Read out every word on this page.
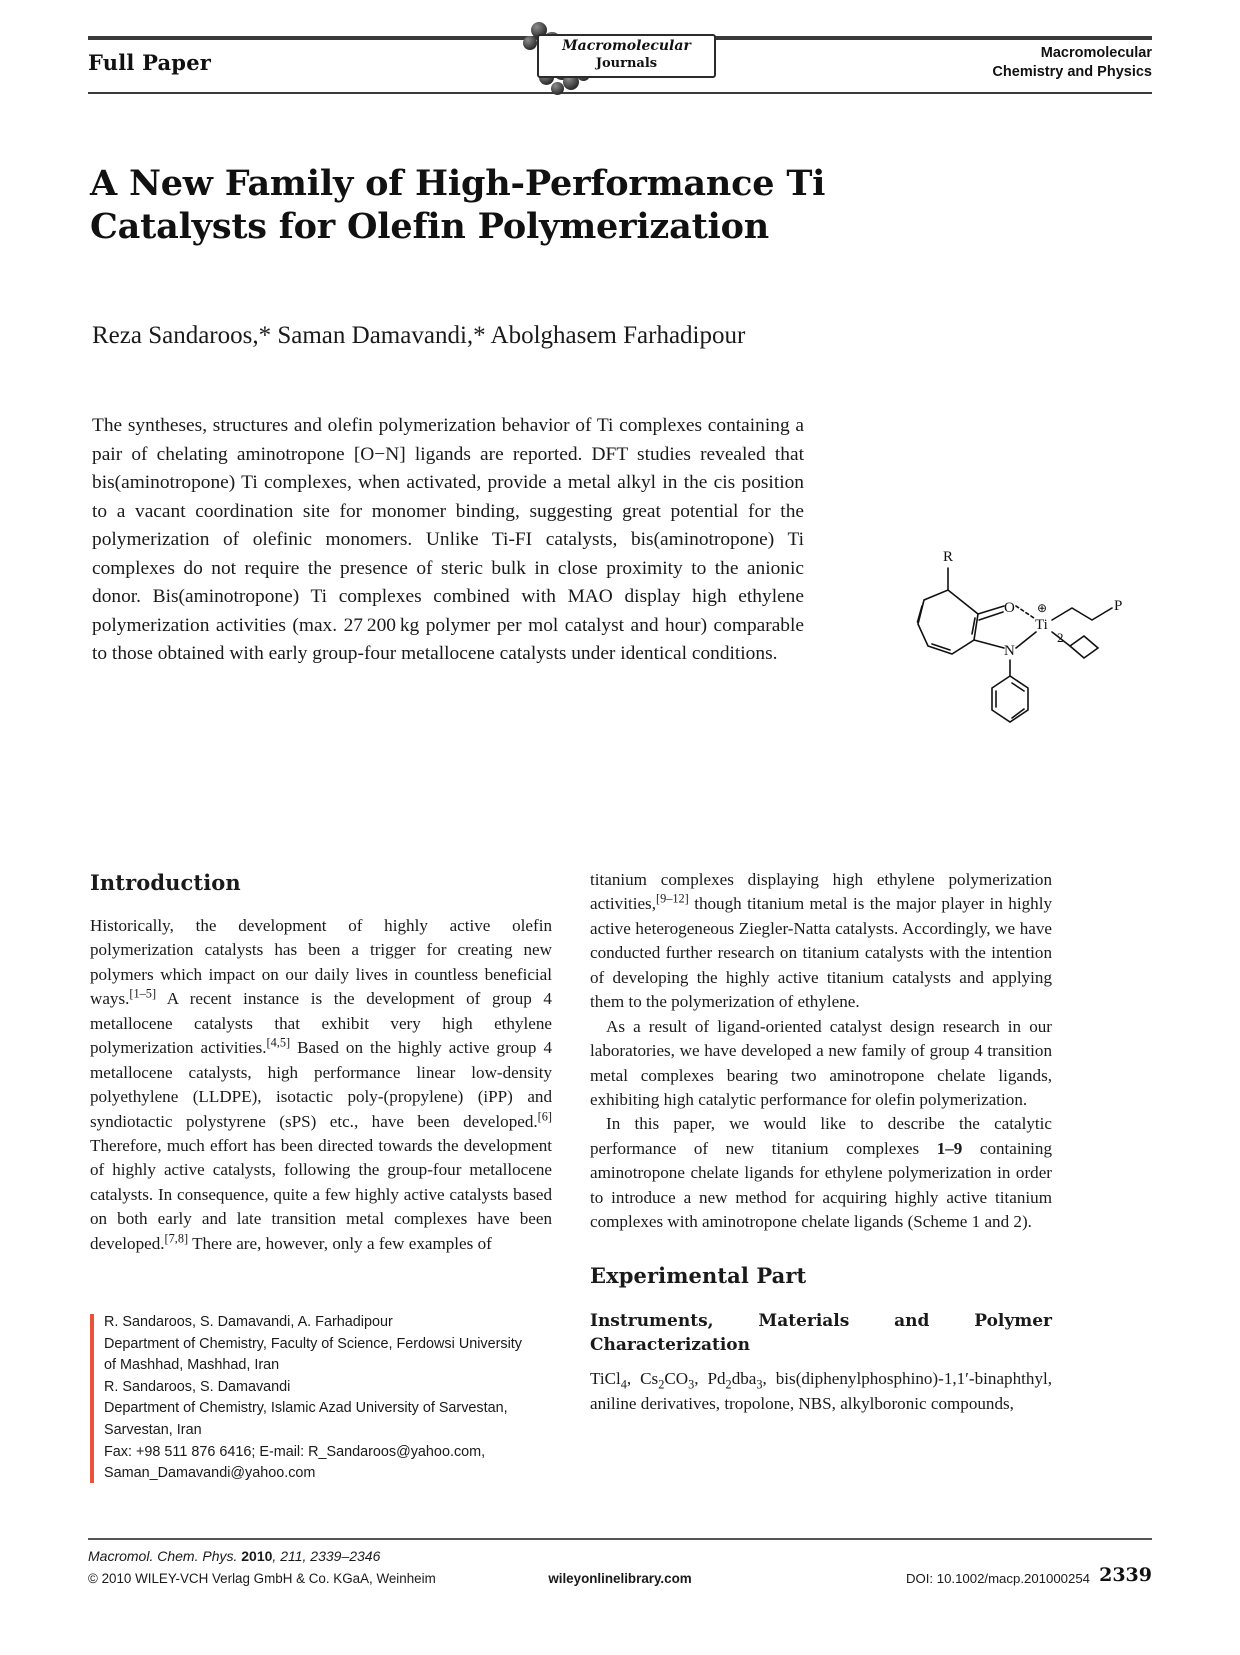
Full Paper	Macromolecular
Chemistry and Physics
Macromolecular
Journals
A New Family of High-Performance Ti Catalysts for Olefin Polymerization
Reza Sandaroos,* Saman Damavandi,* Abolghasem Farhadipour

The syntheses, structures and olefin polymerization behavior of Ti complexes containing a pair of chelating aminotropone [O−N] ligands are reported. DFT studies revealed that bis(aminotropone) Ti complexes, when activated, provide a metal alkyl in the cis position to a vacant coordination site for monomer binding, suggesting great potential for the polymerization of olefinic monomers. Unlike Ti-FI catalysts, bis(aminotropone) Ti complexes do not require the presence of steric bulk in close proximity to the anionic donor. Bis(aminotropone) Ti complexes combined with MAO display high ethylene polymerization activities (max. 27 200 kg polymer per mol catalyst and hour) comparable to those obtained with early group-four metallocene catalysts under identical conditions.

R
O
Ti
N
P
2
⊕
Introduction

Historically, the development of highly active olefin polymerization catalysts has been a trigger for creating new polymers which impact on our daily lives in countless beneficial ways.[1–5] A recent instance is the development of group 4 metallocene catalysts that exhibit very high ethylene polymerization activities.[4,5] Based on the highly active group 4 metallocene catalysts, high performance linear low-density polyethylene (LLDPE), isotactic poly-(propylene) (iPP) and syndiotactic polystyrene (sPS) etc., have been developed.[6] Therefore, much effort has been directed towards the development of highly active catalysts, following the group-four metallocene catalysts. In consequence, quite a few highly active catalysts based on both early and late transition metal complexes have been developed.[7,8] There are, however, only a few examples of

titanium complexes displaying high ethylene polymerization activities,[9–12] though titanium metal is the major player in highly active heterogeneous Ziegler-Natta catalysts. Accordingly, we have conducted further research on titanium catalysts with the intention of developing the highly active titanium catalysts and applying them to the polymerization of ethylene.

As a result of ligand-oriented catalyst design research in our laboratories, we have developed a new family of group 4 transition metal complexes bearing two aminotropone chelate ligands, exhibiting high catalytic performance for olefin polymerization.

In this paper, we would like to describe the catalytic performance of new titanium complexes 1–9 containing aminotropone chelate ligands for ethylene polymerization in order to introduce a new method for acquiring highly active titanium complexes with aminotropone chelate ligands (Scheme 1 and 2).

Experimental Part
Instruments, Materials and Polymer Characterization

TiCl$_4$, $Cs_2CO_3$, $Pd_2dba_3$, bis(diphenylphosphino)-1,1′-binaphthyl, aniline derivatives, tropolone, NBS, alkylboronic compounds,

R. Sandaroos, S. Damavandi, A. Farhadipour
Department of Chemistry, Faculty of Science, Ferdowsi University
of Mashhad, Mashhad, Iran
R. Sandaroos, S. Damavandi
Department of Chemistry, Islamic Azad University of Sarvestan,
Sarvestan, Iran
Fax: +98 511 876 6416; E-mail: R_Sandaroos@yahoo.com,
Saman_Damavandi@yahoo.com
Macromol. Chem. Phys. 2010, 211, 2339–2346
© 2010 WILEY-VCH Verlag GmbH & Co. KGaA, Weinheim	wileyonlinelibrary.com	DOI: 10.1002/macp.201000254 2339
